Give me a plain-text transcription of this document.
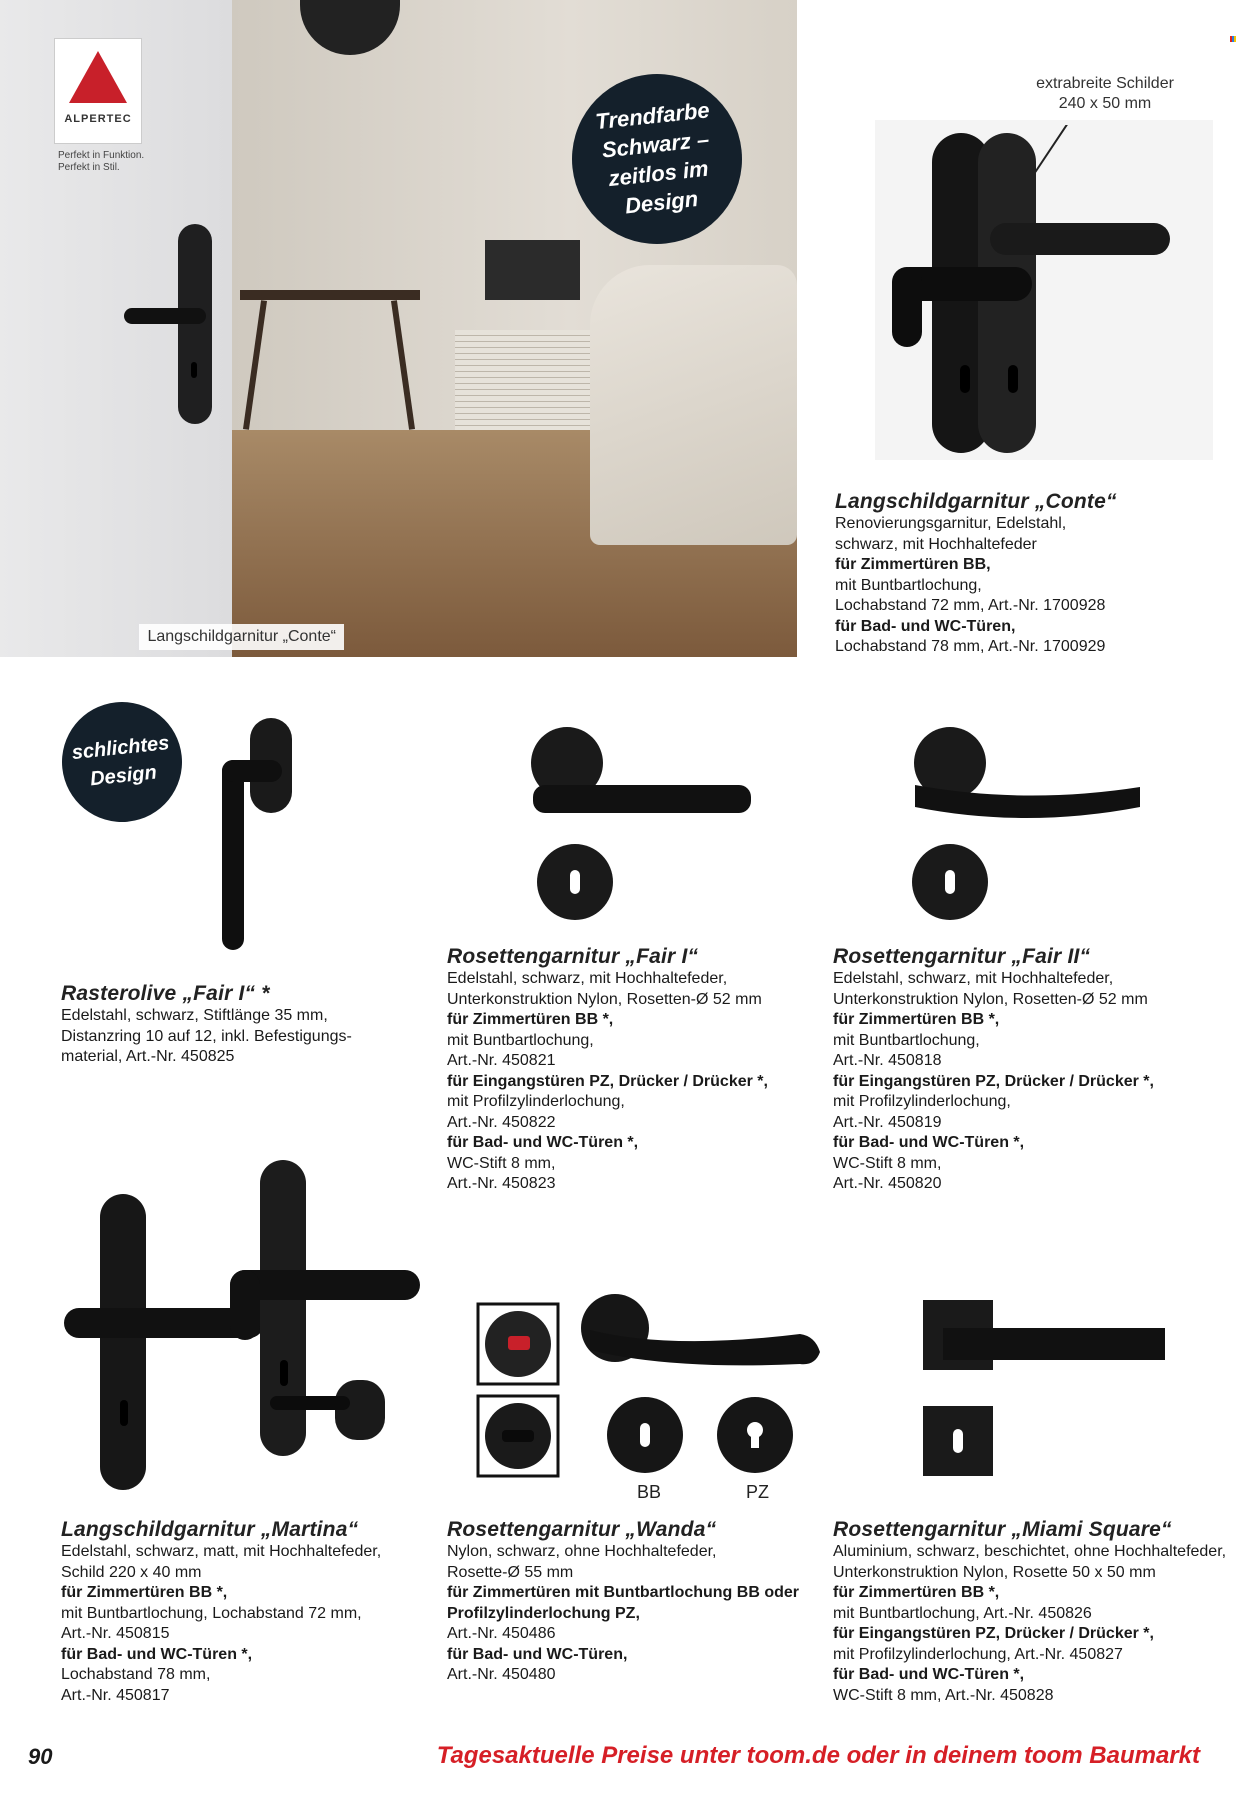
ALPERTEC
Perfekt in Funktion.
Perfekt in Stil.
Trendfarbe
Schwarz –
zeitlos im
Design
Langschildgarnitur „Conte“
extrabreite Schilder
240 x 50 mm
Langschildgarnitur „Conte“
Renovierungsgarnitur, Edelstahl,
schwarz, mit Hochhaltefeder
für Zimmertüren BB,
mit Buntbartlochung,
Lochabstand 72 mm, Art.-Nr. 1700928
für Bad- und WC-Türen,
Lochabstand 78 mm, Art.-Nr. 1700929
schlichtes
Design
Rasterolive „Fair I“ *
Edelstahl, schwarz, Stiftlänge 35 mm,
Distanzring 10 auf 12, inkl. Befestigungs-
material, Art.-Nr. 450825
Rosettengarnitur „Fair I“
Edelstahl, schwarz, mit Hochhaltefeder,
Unterkonstruktion Nylon, Rosetten-Ø 52 mm
für Zimmertüren BB *,
mit Buntbartlochung,
Art.-Nr. 450821
für Eingangstüren PZ, Drücker / Drücker *,
mit Profilzylinderlochung,
Art.-Nr. 450822
für Bad- und WC-Türen *,
WC-Stift 8 mm,
Art.-Nr. 450823
Rosettengarnitur „Fair II“
Edelstahl, schwarz, mit Hochhaltefeder,
Unterkonstruktion Nylon, Rosetten-Ø 52 mm
für Zimmertüren BB *,
mit Buntbartlochung,
Art.-Nr. 450818
für Eingangstüren PZ, Drücker / Drücker *,
mit Profilzylinderlochung,
Art.-Nr. 450819
für Bad- und WC-Türen *,
WC-Stift 8 mm,
Art.-Nr. 450820
Langschildgarnitur „Martina“
Edelstahl, schwarz, matt, mit Hochhaltefeder,
Schild 220 x 40 mm
für Zimmertüren BB *,
mit Buntbartlochung, Lochabstand 72 mm,
Art.-Nr. 450815
für Bad- und WC-Türen *,
Lochabstand 78 mm,
Art.-Nr. 450817
BB	PZ
Rosettengarnitur „Wanda“
Nylon, schwarz, ohne Hochhaltefeder,
Rosette-Ø 55 mm
für Zimmertüren mit Buntbartlochung BB oder
Profilzylinderlochung PZ,
Art.-Nr. 450486
für Bad- und WC-Türen,
Art.-Nr. 450480
Rosettengarnitur „Miami Square“
Aluminium, schwarz, beschichtet, ohne Hochhaltefeder,
Unterkonstruktion Nylon, Rosette 50 x 50 mm
für Zimmertüren BB *,
mit Buntbartlochung, Art.-Nr. 450826
für Eingangstüren PZ, Drücker / Drücker *,
mit Profilzylinderlochung, Art.-Nr. 450827
für Bad- und WC-Türen *,
WC-Stift 8 mm, Art.-Nr. 450828
90	Tagesaktuelle Preise unter toom.de oder in deinem toom Baumarkt
